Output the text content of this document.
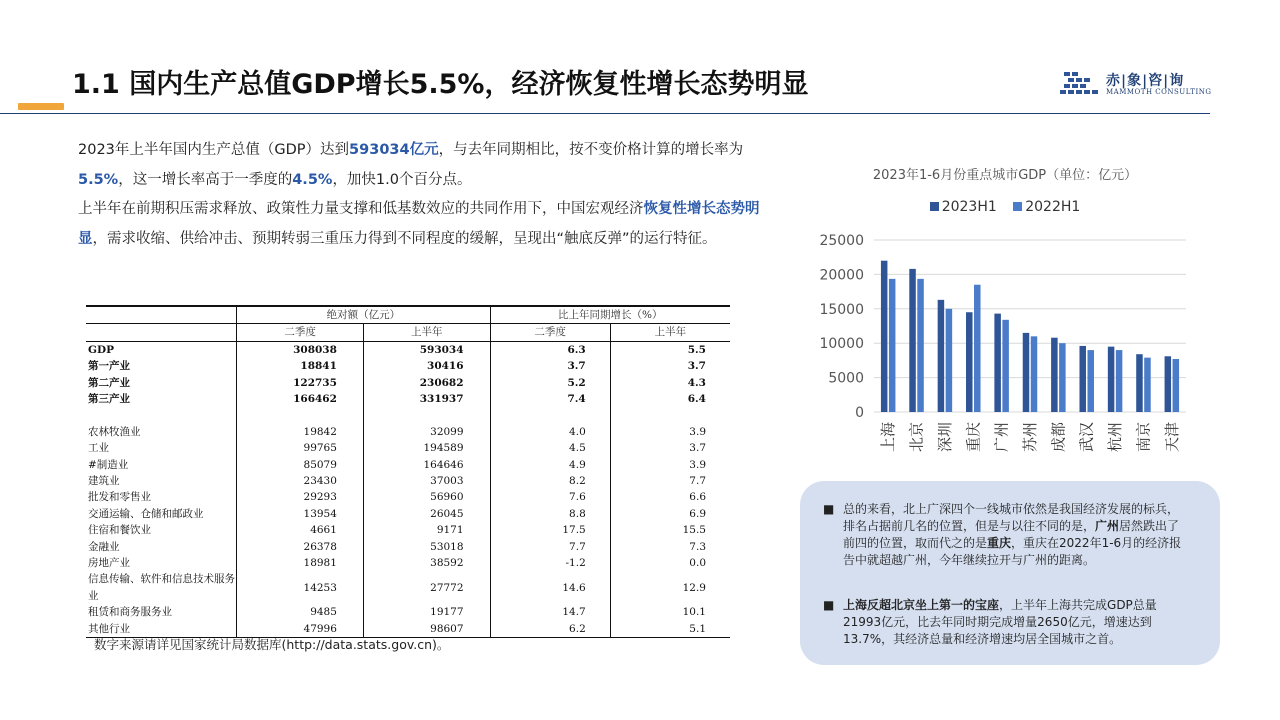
1.1 国内生产总值GDP增长5.5%，经济恢复性增长态势明显	赤|象|咨|询
MAMMOTH CONSULTING

2023年上半年国内生产总值（GDP）达到593034亿元，与去年同期相比，按不变价格计算的增长率为5.5%，这一增长率高于一季度的4.5%，加快1.0个百分点。

上半年在前期积压需求释放、政策性力量支撑和低基数效应的共同作用下，中国宏观经济恢复性增长态势明显，需求收缩、供给冲击、预期转弱三重压力得到不同程度的缓解，呈现出“触底反弹”的运行特征。

	绝对额（亿元）		比上年同期增长（%）	
	二季度	上半年	二季度	上半年
GDP	308038	593034	6.3	5.5
第一产业	18841	30416	3.7	3.7
第二产业	122735	230682	5.2	4.3
第三产业	166462	331937	7.4	6.4

农林牧渔业	19842	32099	4.0	3.9
工业	99765	194589	4.5	3.7
#制造业	85079	164646	4.9	3.9
建筑业	23430	37003	8.2	7.7
批发和零售业	29293	56960	7.6	6.6
交通运输、仓储和邮政业	13954	26045	8.8	6.9
住宿和餐饮业	4661	9171	17.5	15.5
金融业	26378	53018	7.7	7.3
房地产业	18981	38592	-1.2	0.0
信息传输、软件和信息技术服务业	14253	27772	14.6	12.9
租赁和商务服务业	9485	19177	14.7	10.1
其他行业	47996	98607	6.2	5.1
数字来源请详见国家统计局数据库(http://data.stats.gov.cn)。
2023年1-6月份重点城市GDP（单位：亿元）
2023H1 2022H1
0
5000
10000
15000
20000
25000
上海 北京 深圳 重庆 广州 苏州 成都 武汉 杭州 南京 天津
■ 总的来看，北上广深四个一线城市依然是我国经济发展的标兵，排名占据前几名的位置，但是与以往不同的是，广州居然跌出了前四的位置，取而代之的是重庆，重庆在2022年1-6月的经济报告中就超越广州，今年继续拉开与广州的距离。
■ 上海反超北京坐上第一的宝座，上半年上海共完成GDP总量21993亿元，比去年同时期完成增量2650亿元，增速达到13.7%，其经济总量和经济增速均居全国城市之首。
